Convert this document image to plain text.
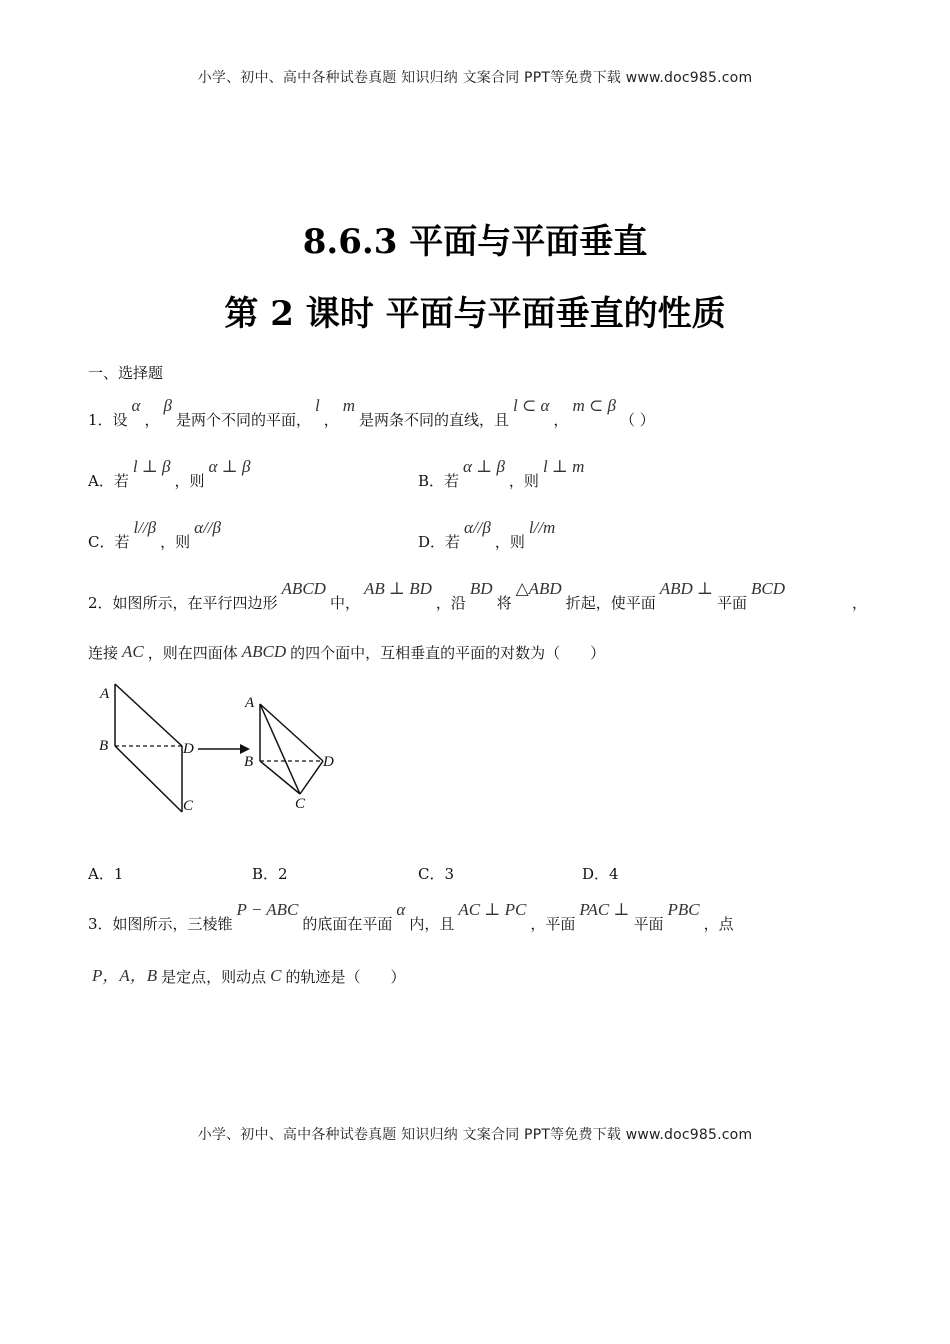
小学、初中、高中各种试卷真题 知识归纳 文案合同 PPT等免费下载 www.doc985.com
8.6.3 平面与平面垂直
第 2 课时 平面与平面垂直的性质
一、选择题
1．设α，β是两个不同的平面，l，m是两条不同的直线，且l ⊂ α，m ⊂ β（ ）
A．若l ⊥ β，则α ⊥ β
B．若α ⊥ β，则l ⊥ m
C．若l//β，则α//β
D．若α//β，则l//m
2．如图所示，在平行四边形ABCD中，AB ⊥ BD，沿BD将△ABD折起，使平面ABD ⊥平面BCD
，
连接 AC ，则在四面体 ABCD 的四个面中，互相垂直的平面的对数为（　　）
A
B	D
C
A
B	D
C
A．1	B．2	C．3	D．4
3．如图所示，三棱锥P − ABC的底面在平面α内，且AC ⊥ PC，平面PAC ⊥平面PBC，点
P，A，B 是定点，则动点 C 的轨迹是（　　）
小学、初中、高中各种试卷真题 知识归纳 文案合同 PPT等免费下载 www.doc985.com
